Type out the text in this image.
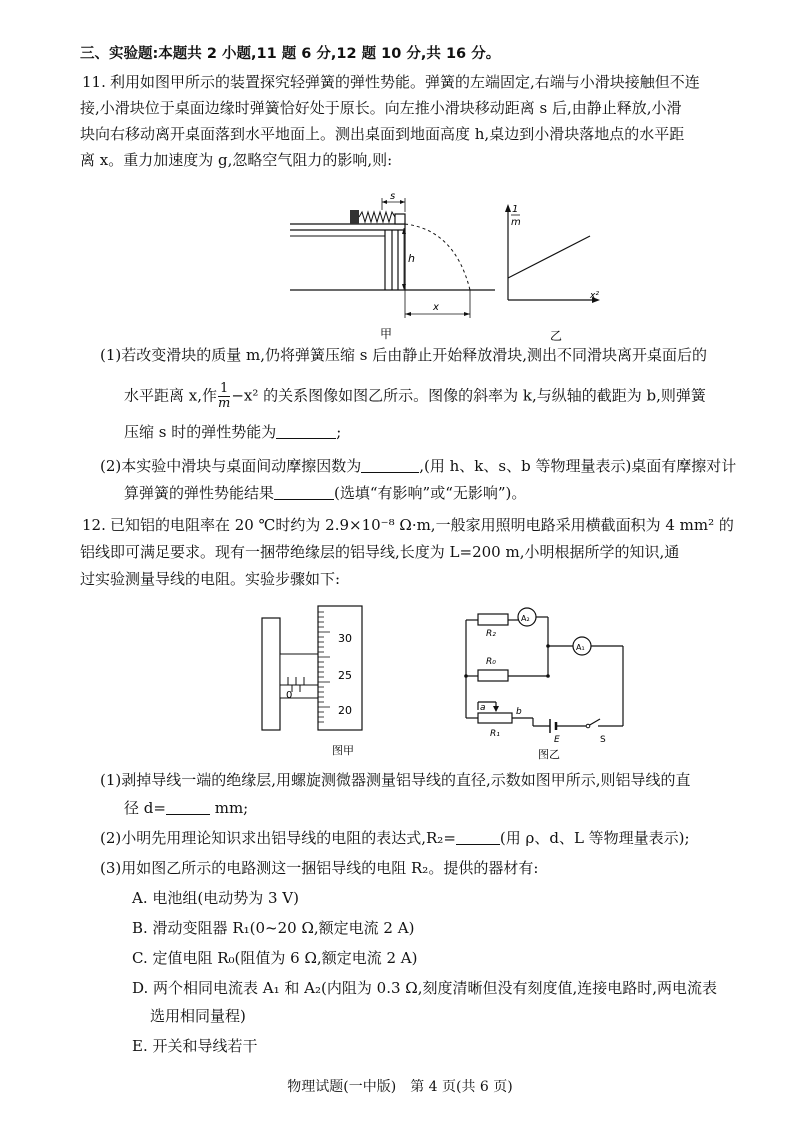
三、实验题:本题共 2 小题,11 题 6 分,12 题 10 分,共 16 分。
11. 利用如图甲所示的装置探究轻弹簧的弹性势能。弹簧的左端固定,右端与小滑块接触但不连
接,小滑块位于桌面边缘时弹簧恰好处于原长。向左推小滑块移动距离 s 后,由静止释放,小滑
块向右移动离开桌面落到水平地面上。测出桌面到地面高度 h,桌边到小滑块落地点的水平距
离 x。重力加速度为 g,忽略空气阻力的影响,则:
s
h
x
甲
1
m
x²
乙
(1)若改变滑块的质量 m,仍将弹簧压缩 s 后由静止开始释放滑块,测出不同滑块离开桌面后的
水平距离 x,作 $\frac{1}{m} -x^2$ 的关系图像如图乙所示。图像的斜率为 k,与纵轴的截距为 b,则弹簧
压缩 s 时的弹性势能为	;
(2)本实验中滑块与桌面间动摩擦因数为	,(用 h、k、s、b 等物理量表示)桌面有摩擦对计
算弹簧的弹性势能结果	(选填“有影响”或“无影响”)。
12. 已知铝的电阻率在 20 ℃时约为 2.9×10⁻⁸ Ω·m,一般家用照明电路采用横截面积为 4 mm² 的
铝线即可满足要求。现有一捆带绝缘层的铝导线,长度为 L=200 m,小明根据所学的知识,通
过实验测量导线的电阻。实验步骤如下:
0
30
25
20
图甲
R₂
A₂
A₁
R₀
a	b
R₁
E	S
图乙
(1)剥掉导线一端的绝缘层,用螺旋测微器测量铝导线的直径,示数如图甲所示,则铝导线的直
径 d=	mm;
(2)小明先用理论知识求出铝导线的电阻的表达式,R₂=	(用 ρ、d、L 等物理量表示);
(3)用如图乙所示的电路测这一捆铝导线的电阻 R₂。提供的器材有:
A. 电池组(电动势为 3 V)
B. 滑动变阻器 R₁(0~20 Ω,额定电流 2 A)
C. 定值电阻 R₀(阻值为 6 Ω,额定电流 2 A)
D. 两个相同电流表 A₁ 和 A₂(内阻为 0.3 Ω,刻度清晰但没有刻度值,连接电路时,两电流表
选用相同量程)
E. 开关和导线若干
物理试题(一中版)　第 4 页(共 6 页)
